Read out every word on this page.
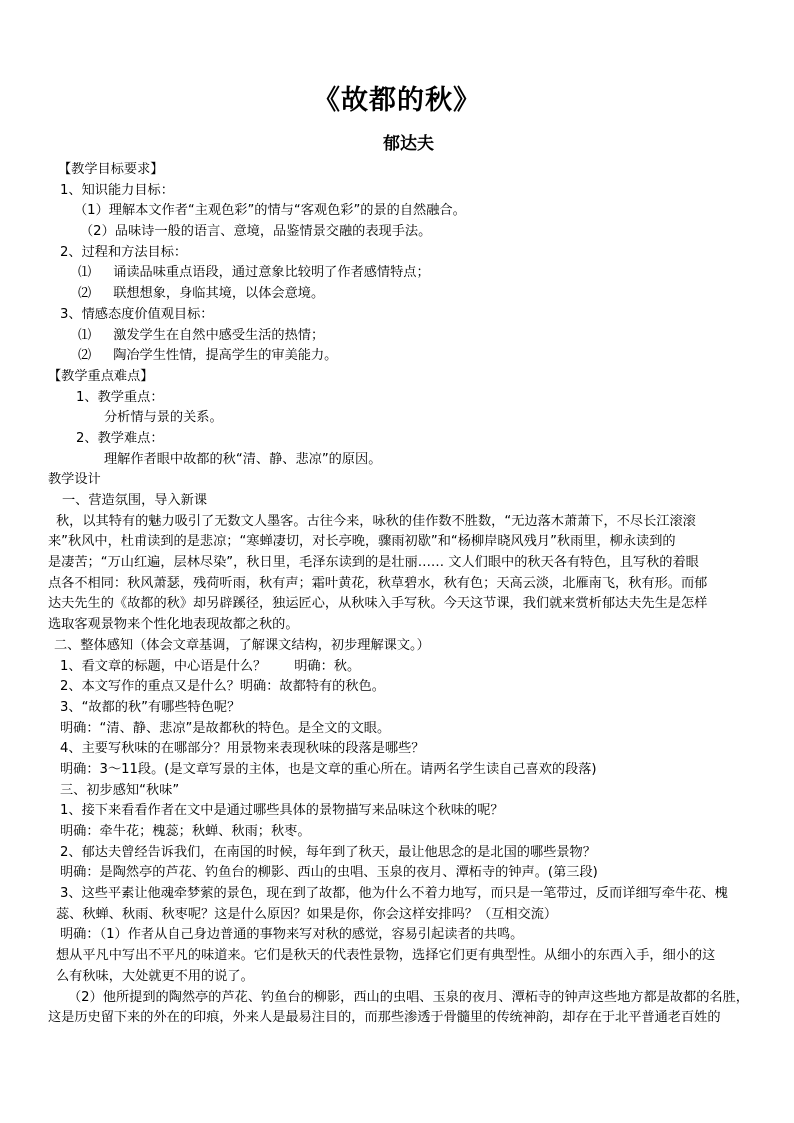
《故都的秋》
郁达夫
【教学目标要求】
1、知识能力目标：
（1）理解本文作者“主观色彩”的情与“客观色彩”的景的自然融合。
（2）品味诗一般的语言、意境，品鉴情景交融的表现手法。
2、过程和方法目标：
⑴ 诵读品味重点语段，通过意象比较明了作者感情特点；
⑵ 联想想象，身临其境，以体会意境。
3、情感态度价值观目标：
⑴ 激发学生在自然中感受生活的热情；
⑵ 陶冶学生性情，提高学生的审美能力。
【教学重点难点】
1、教学重点：
分析情与景的关系。
2、教学难点：
理解作者眼中故都的秋“清、静、悲凉”的原因。
教学设计
一、营造氛围，导入新课
秋，以其特有的魅力吸引了无数文人墨客。古往今来，咏秋的佳作数不胜数，“无边落木萧萧下，不尽长江滚滚
来”秋风中，杜甫读到的是悲凉；“寒蝉凄切，对长亭晚，骤雨初歇”和“杨柳岸晓风残月”秋雨里，柳永读到的
是凄苦；“万山红遍，层林尽染”，秋日里，毛泽东读到的是壮丽…… 文人们眼中的秋天各有特色，且写秋的着眼
点各不相同：秋风萧瑟，残荷听雨，秋有声；霜叶黄花，秋草碧水，秋有色；天高云淡，北雁南飞，秋有形。而郁
达夫先生的《故都的秋》却另辟蹊径，独运匠心，从秋味入手写秋。今天这节课，我们就来赏析郁达夫先生是怎样
选取客观景物来个性化地表现故都之秋的。
二、整体感知（体会文章基调，了解课文结构，初步理解课文。）
1、看文章的标题，中心语是什么？ 明确：秋。
2、本文写作的重点又是什么？明确：故都特有的秋色。
3、“故都的秋”有哪些特色呢？
明确：“清、静、悲凉”是故都秋的特色。是全文的文眼。
4、主要写秋味的在哪部分？用景物来表现秋味的段落是哪些？
明确：3～11段。(是文章写景的主体，也是文章的重心所在。请两名学生读自己喜欢的段落)
三、初步感知“秋味”
1、接下来看看作者在文中是通过哪些具体的景物描写来品味这个秋味的呢？
明确：牵牛花；槐蕊；秋蝉、秋雨；秋枣。
2、郁达夫曾经告诉我们，在南国的时候，每年到了秋天，最让他思念的是北国的哪些景物？
明确：是陶然亭的芦花、钓鱼台的柳影、西山的虫唱、玉泉的夜月、潭柘寺的钟声。(第三段)
3、这些平素让他魂牵梦萦的景色，现在到了故都，他为什么不着力地写，而只是一笔带过，反而详细写牵牛花、槐
蕊、秋蝉、秋雨、秋枣呢？这是什么原因？如果是你，你会这样安排吗？（互相交流）
明确：（1）作者从自己身边普通的事物来写对秋的感觉，容易引起读者的共鸣。
想从平凡中写出不平凡的味道来。它们是秋天的代表性景物，选择它们更有典型性。从细小的东西入手，细小的这
么有秋味，大处就更不用的说了。
（2）他所提到的陶然亭的芦花、钓鱼台的柳影，西山的虫唱、玉泉的夜月、潭柘寺的钟声这些地方都是故都的名胜，
这是历史留下来的外在的印痕，外来人是最易注目的，而那些渗透于骨髓里的传统神韵，却存在于北平普通老百姓的
